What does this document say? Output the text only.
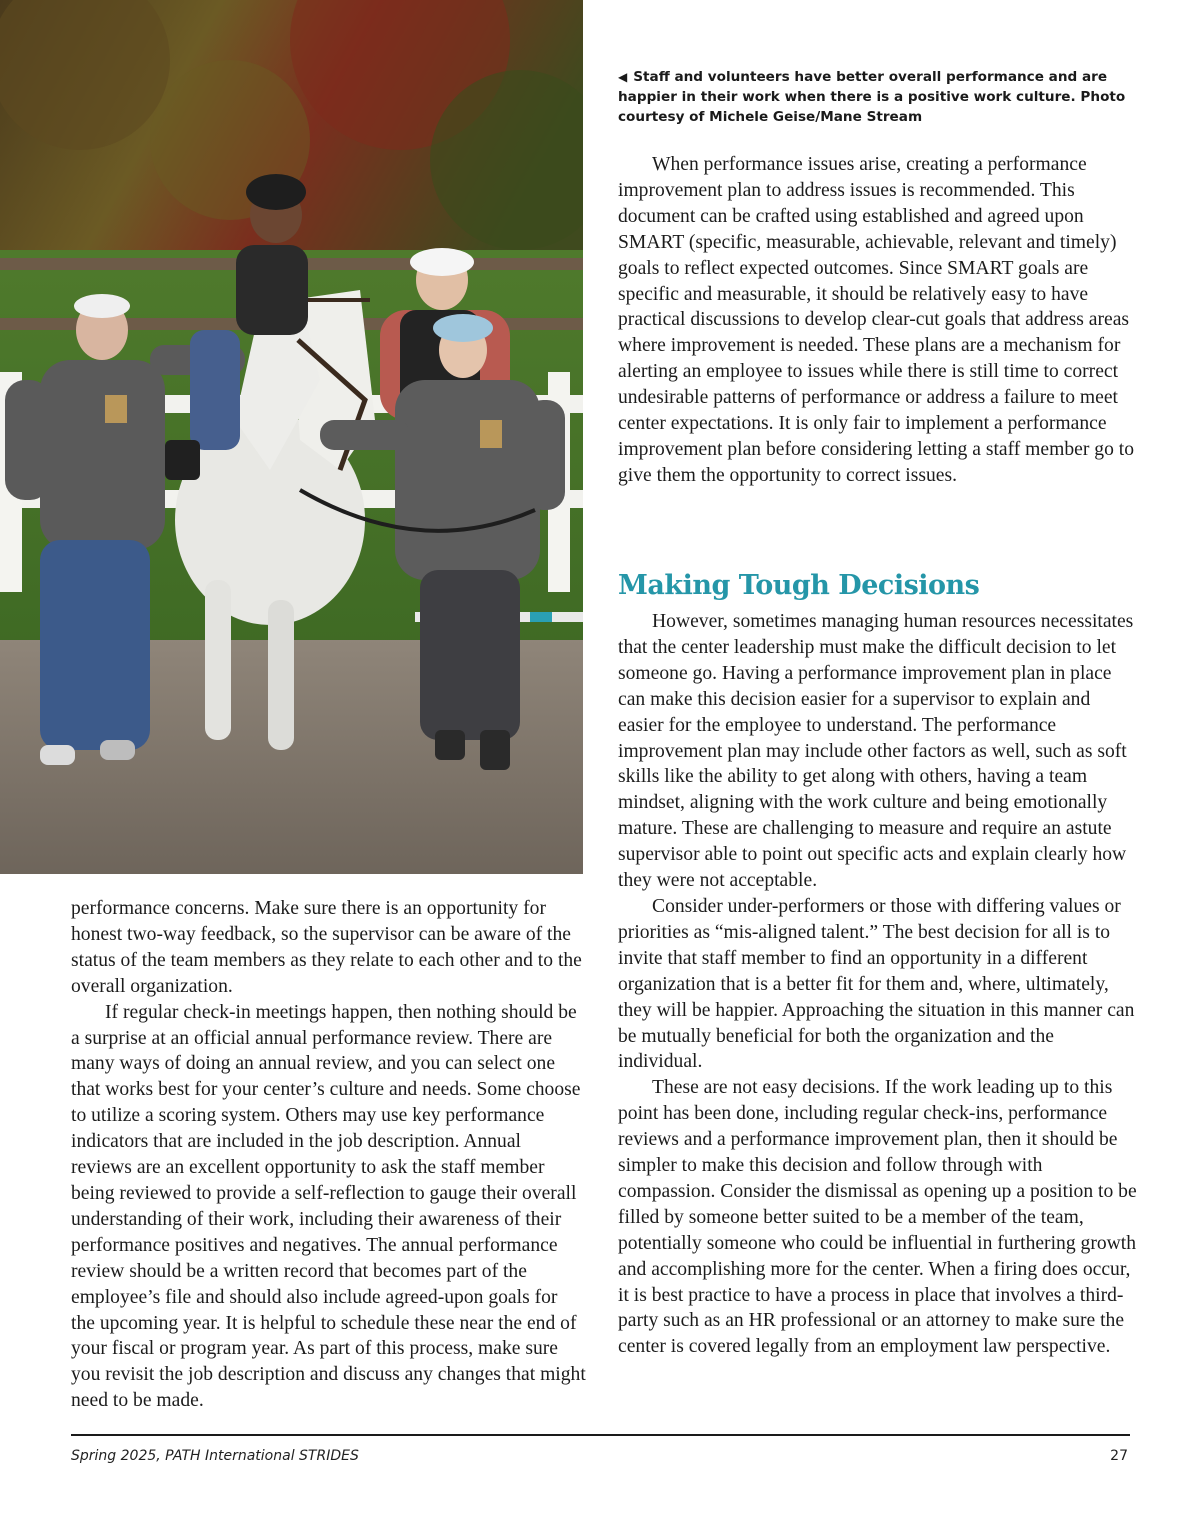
◀ Staff and volunteers have better overall performance and are happier in their work when there is a positive work culture. Photo courtesy of Michele Geise/Mane Stream

When performance issues arise, creating a performance improvement plan to address issues is recommended. This document can be crafted using established and agreed upon SMART (specific, measurable, achievable, relevant and timely) goals to reflect expected outcomes. Since SMART goals are specific and measurable, it should be relatively easy to have practical discussions to develop clear-cut goals that address areas where improvement is needed. These plans are a mechanism for alerting an employee to issues while there is still time to correct undesirable patterns of performance or address a failure to meet center expectations. It is only fair to implement a performance improvement plan before considering letting a staff member go to give them the opportunity to correct issues.

Making Tough Decisions

However, sometimes managing human resources necessitates that the center leadership must make the difficult decision to let someone go. Having a performance improvement plan in place can make this decision easier for a supervisor to explain and easier for the employee to understand. The performance improvement plan may include other factors as well, such as soft skills like the ability to get along with others, having a team mindset, aligning with the work culture and being emotionally mature. These are challenging to measure and require an astute supervisor able to point out specific acts and explain clearly how they were not acceptable.

Consider under-performers or those with differing values or priorities as “mis-aligned talent.” The best decision for all is to invite that staff member to find an opportunity in a different organization that is a better fit for them and, where, ultimately, they will be happier. Approaching the situation in this manner can be mutually beneficial for both the organization and the individual.

These are not easy decisions. If the work leading up to this point has been done, including regular check-ins, performance reviews and a performance improvement plan, then it should be simpler to make this decision and follow through with compassion. Consider the dismissal as opening up a position to be filled by someone better suited to be a member of the team, potentially someone who could be influential in furthering growth and accomplishing more for the center. When a firing does occur, it is best practice to have a process in place that involves a third-party such as an HR professional or an attorney to make sure the center is covered legally from an employment law perspective.

performance concerns. Make sure there is an opportunity for honest two-way feedback, so the supervisor can be aware of the status of the team members as they relate to each other and to the overall organization.

If regular check-in meetings happen, then nothing should be a surprise at an official annual performance review. There are many ways of doing an annual review, and you can select one that works best for your center’s culture and needs. Some choose to utilize a scoring system. Others may use key performance indicators that are included in the job description. Annual reviews are an excellent opportunity to ask the staff member being reviewed to provide a self-reflection to gauge their overall understanding of their work, including their awareness of their performance positives and negatives. The annual performance review should be a written record that becomes part of the employee’s file and should also include agreed-upon goals for the upcoming year. It is helpful to schedule these near the end of your fiscal or program year. As part of this process, make sure you revisit the job description and discuss any changes that might need to be made.

Spring 2025, PATH International STRIDES	27
